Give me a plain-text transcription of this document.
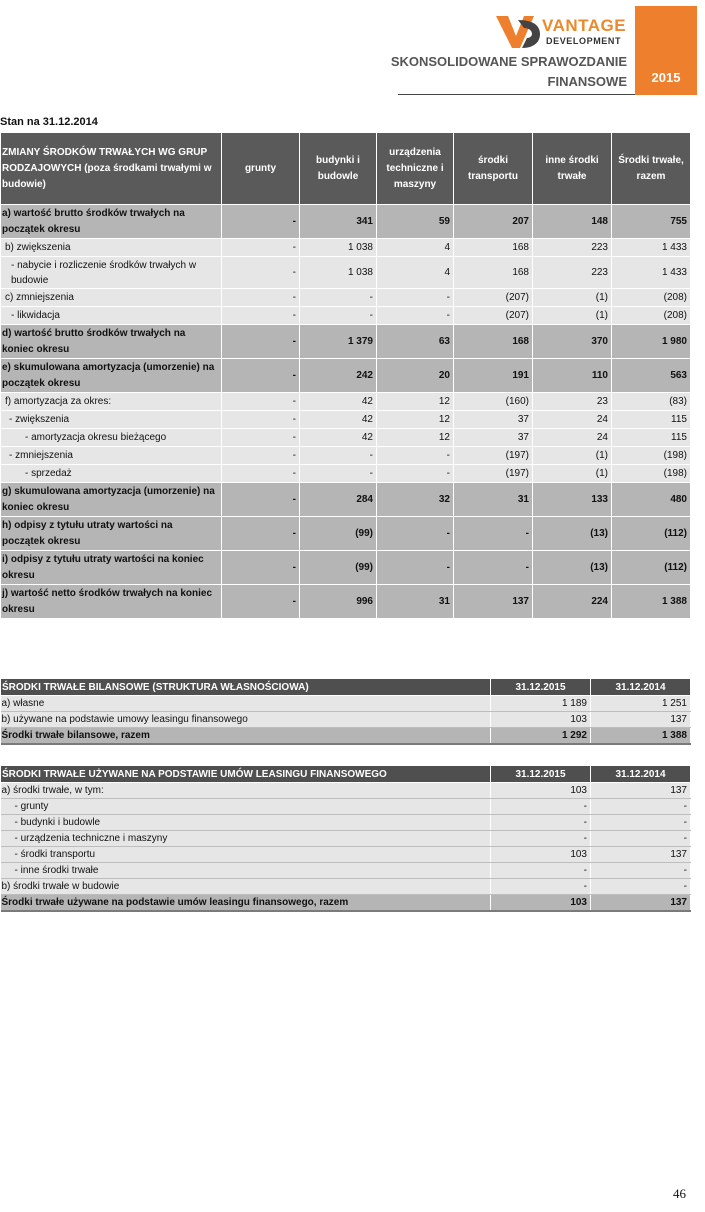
VANTAGE
DEVELOPMENT
SKONSOLIDOWANE SPRAWOZDANIE
FINANSOWE	2015
Stan na 31.12.2014
ZMIANY ŚRODKÓW TRWAŁYCH WG GRUP RODZAJOWYCH (poza środkami trwałymi w budowie)	grunty	budynki i budowle	urządzenia techniczne i maszyny	środki transportu	inne środki trwałe	Środki trwałe, razem
a) wartość brutto środków trwałych na początek okresu	-	341	59	207	148	755
b) zwiększenia	-	1 038	4	168	223	1 433
- nabycie i rozliczenie środków trwałych w budowie	-	1 038	4	168	223	1 433
c) zmniejszenia	-	-	-	(207)	(1)	(208)
- likwidacja	-	-	-	(207)	(1)	(208)
d) wartość brutto środków trwałych na koniec okresu	-	1 379	63	168	370	1 980
e) skumulowana amortyzacja (umorzenie) na początek okresu	-	242	20	191	110	563
f) amortyzacja za okres:	-	42	12	(160)	23	(83)
- zwiększenia	-	42	12	37	24	115
- amortyzacja okresu bieżącego	-	42	12	37	24	115
- zmniejszenia	-	-	-	(197)	(1)	(198)
- sprzedaż	-	-	-	(197)	(1)	(198)
g) skumulowana amortyzacja (umorzenie) na koniec okresu	-	284	32	31	133	480
h) odpisy z tytułu utraty wartości na początek okresu	-	(99)	-	-	(13)	(112)
i) odpisy z tytułu utraty wartości na koniec okresu	-	(99)	-	-	(13)	(112)
j) wartość netto środków trwałych na koniec okresu	-	996	31	137	224	1 388
ŚRODKI TRWAŁE BILANSOWE (STRUKTURA WŁASNOŚCIOWA)	31.12.2015	31.12.2014
a) własne	1 189	1 251
b) używane na podstawie umowy leasingu finansowego	103	137
Środki trwałe bilansowe, razem	1 292	1 388
ŚRODKI TRWAŁE UŻYWANE NA PODSTAWIE UMÓW LEASINGU FINANSOWEGO	31.12.2015	31.12.2014
a) środki trwałe, w tym:	103	137
- grunty	-	-
- budynki i budowle	-	-
- urządzenia techniczne i maszyny	-	-
- środki transportu	103	137
- inne środki trwałe	-	-
b) środki trwałe w budowie	-	-
Środki trwałe używane na podstawie umów leasingu finansowego, razem	103	137
46
